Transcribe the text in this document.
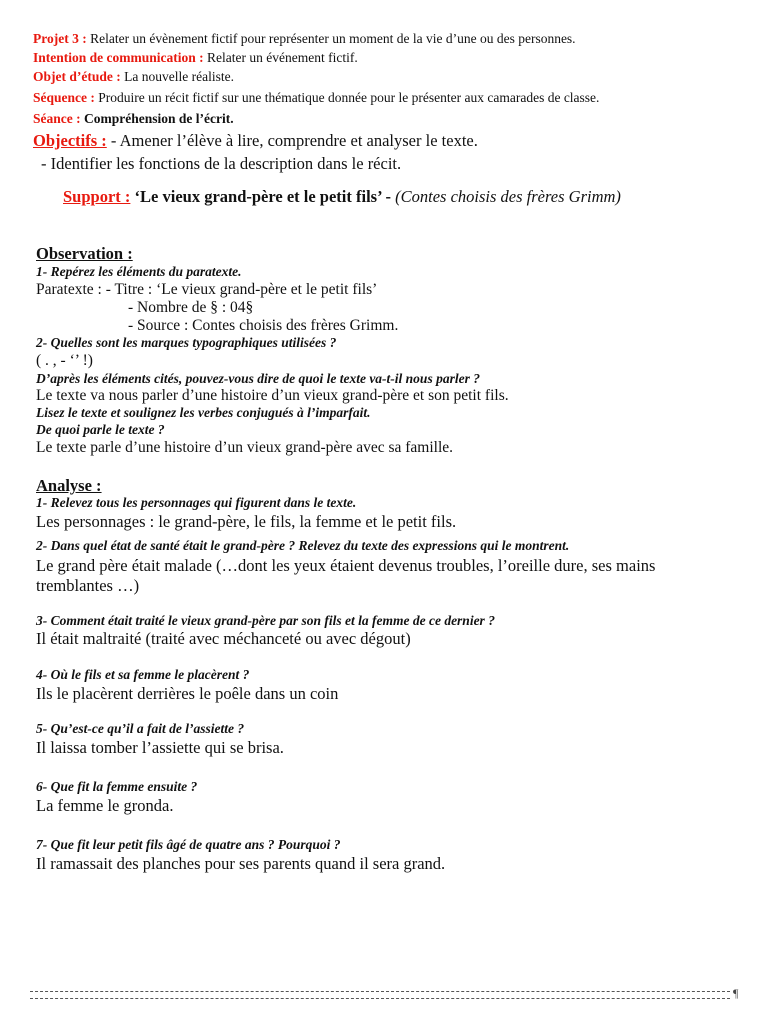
Projet 3 : Relater un évènement fictif pour représenter un moment de la vie d’une ou des personnes.
Intention de communication : Relater un événement fictif.
Objet d’étude : La nouvelle réaliste.
Séquence : Produire un récit fictif sur une thématique donnée pour le présenter aux camarades de classe.
Séance : Compréhension de l’écrit.
Objectifs : - Amener l’élève à lire, comprendre et analyser le texte.
- Identifier les fonctions de la description dans le récit.
Support : ‘Le vieux grand-père et le petit fils’ - (Contes choisis des frères Grimm)
Observation :
1- Repérez les éléments du paratexte.
Paratexte : - Titre : ‘Le vieux grand-père et le petit fils’
- Nombre de § : 04§
- Source : Contes choisis des frères Grimm.
2- Quelles sont les marques typographiques utilisées ?
( . , - ‘’ !)
D’après les éléments cités, pouvez-vous dire de quoi le texte va-t-il nous parler ?
Le texte va nous parler d’une histoire d’un vieux grand-père et son petit fils.
Lisez le texte et soulignez les verbes conjugués à l’imparfait.
De quoi parle le texte ?
Le texte parle d’une histoire d’un vieux grand-père avec sa famille.
Analyse :
1- Relevez tous les personnages qui figurent dans le texte.
Les personnages : le grand-père, le fils, la femme et le petit fils.
2- Dans quel état de santé était le grand-père ? Relevez du texte des expressions qui le montrent.
Le grand père était malade (…dont les yeux étaient devenus troubles, l’oreille dure, ses mains
tremblantes …)
3- Comment était traité le vieux grand-père par son fils et la femme de ce dernier ?
Il était maltraité (traité avec méchanceté ou avec dégout)
4- Où le fils et sa femme le placèrent ?
Ils le placèrent derrières le poêle dans un coin
5- Qu’est-ce qu’il a fait de l’assiette ?
Il laissa tomber l’assiette qui se brisa.
6- Que fit la femme ensuite ?
La femme le gronda.
7- Que fit leur petit fils âgé de quatre ans ? Pourquoi ?
Il ramassait des planches pour ses parents quand il sera grand.
¶
